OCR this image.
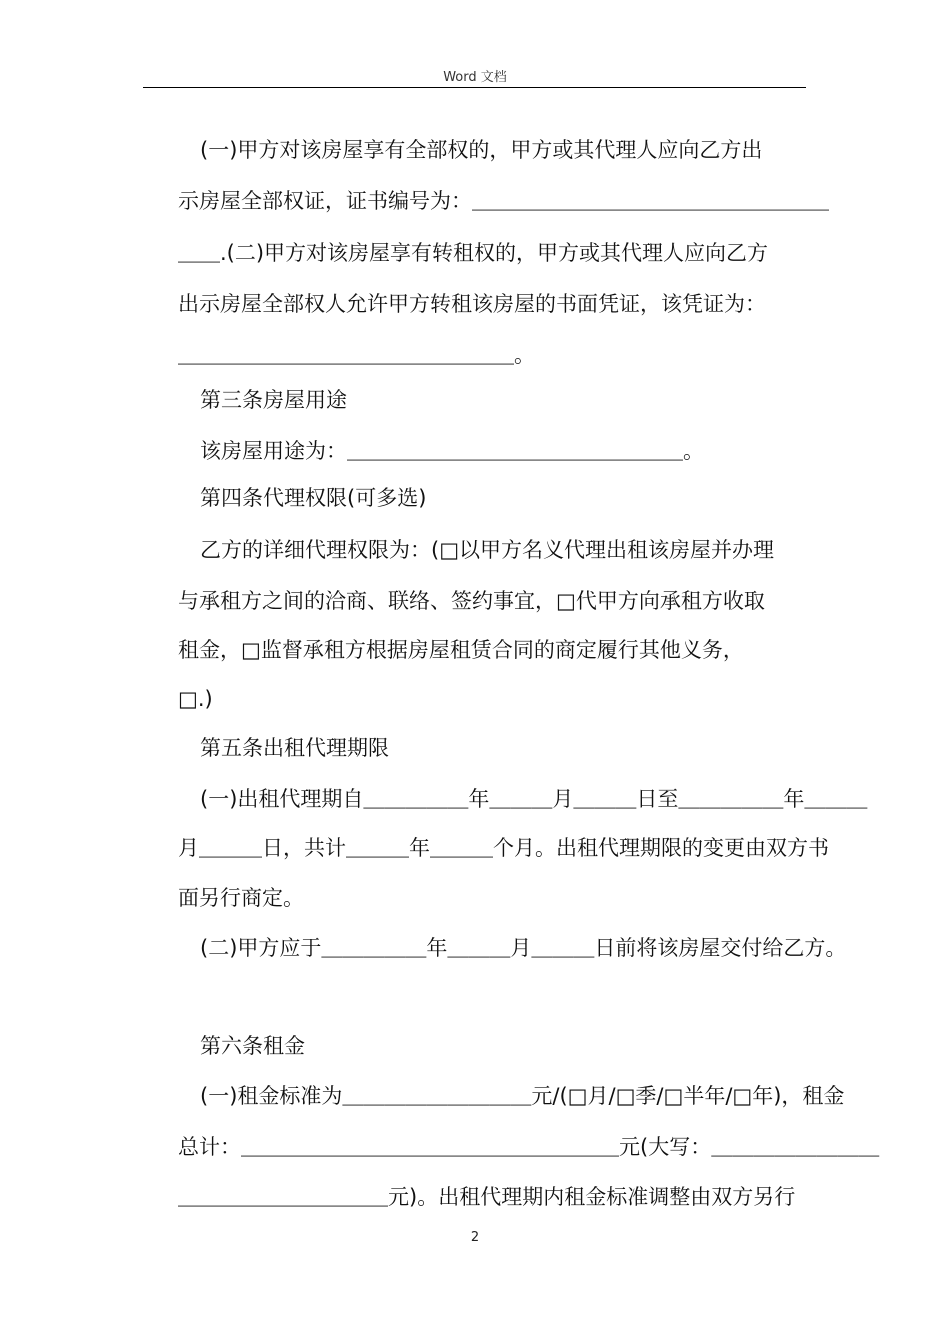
Word 文档
(一)甲方对该房屋享有全部权的，甲方或其代理人应向乙方出
示房屋全部权证，证书编号为：＿＿＿＿＿＿＿＿＿＿＿＿＿＿＿＿＿
＿＿.(二)甲方对该房屋享有转租权的，甲方或其代理人应向乙方
出示房屋全部权人允许甲方转租该房屋的书面凭证，该凭证为：
＿＿＿＿＿＿＿＿＿＿＿＿＿＿＿＿。
第三条房屋用途
该房屋用途为：＿＿＿＿＿＿＿＿＿＿＿＿＿＿＿＿。
第四条代理权限(可多选)
乙方的详细代理权限为：(□以甲方名义代理出租该房屋并办理
与承租方之间的洽商、联络、签约事宜，□代甲方向承租方收取
租金，□监督承租方根据房屋租赁合同的商定履行其他义务，
□.)
第五条出租代理期限
(一)出租代理期自＿＿＿＿＿年＿＿＿月＿＿＿日至＿＿＿＿＿年＿＿＿
月＿＿＿日，共计＿＿＿年＿＿＿个月。出租代理期限的变更由双方书
面另行商定。
(二)甲方应于＿＿＿＿＿年＿＿＿月＿＿＿日前将该房屋交付给乙方。
第六条租金
(一)租金标准为＿＿＿＿＿＿＿＿＿元/(□月/□季/□半年/□年)，租金
总计：＿＿＿＿＿＿＿＿＿＿＿＿＿＿＿＿＿＿元(大写：＿＿＿＿＿＿＿＿
＿＿＿＿＿＿＿＿＿＿元)。出租代理期内租金标准调整由双方另行
2
